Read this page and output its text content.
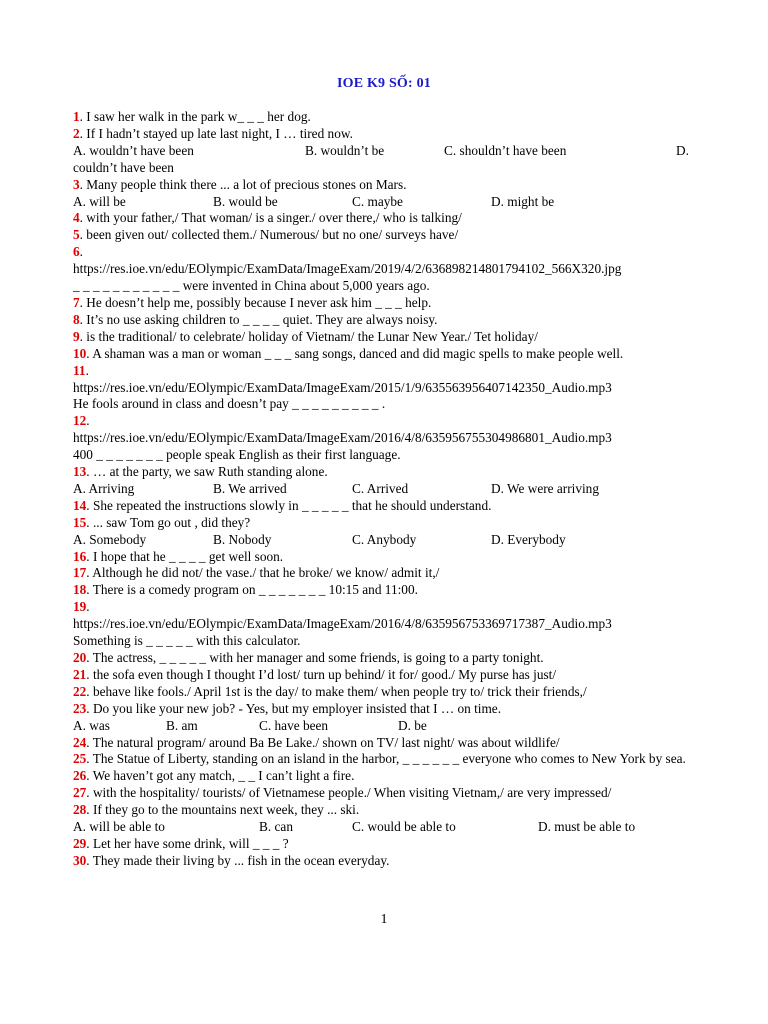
IOE K9 SỐ: 01
1. I saw her walk in the park w_ _ _ her dog.
2. If I hadn’t stayed up late last night, I … tired now.
A. wouldn’t have been	B. wouldn’t be	C. shouldn’t have been	D.
couldn’t have been
3. Many people think there ... a lot of precious stones on Mars.
A. will be	B. would be	C. maybe	D. might be
4. with your father,/ That woman/ is a singer./ over there,/ who is talking/
5. been given out/ collected them./ Numerous/ but no one/ surveys have/
6.
https://res.ioe.vn/edu/EOlympic/ExamData/ImageExam/2019/4/2/636898214801794102_566X320.jpg
_ _ _ _ _ _ _ _ _ _ _ were invented in China about 5,000 years ago.
7. He doesn’t help me, possibly because I never ask him _ _ _ help.
8. It’s no use asking children to _ _ _ _ quiet. They are always noisy.
9. is the traditional/ to celebrate/ holiday of Vietnam/ the Lunar New Year./ Tet holiday/
10. A shaman was a man or woman _ _ _ sang songs, danced and did magic spells to make people well.
11.
https://res.ioe.vn/edu/EOlympic/ExamData/ImageExam/2015/1/9/635563956407142350_Audio.mp3
He fools around in class and doesn’t pay _ _ _ _ _ _ _ _ _ .
12.
https://res.ioe.vn/edu/EOlympic/ExamData/ImageExam/2016/4/8/635956755304986801_Audio.mp3
400 _ _ _ _ _ _ _ people speak English as their first language.
13. … at the party, we saw Ruth standing alone.
A. Arriving	B. We arrived	C. Arrived	D. We were arriving
14. She repeated the instructions slowly in _ _ _ _ _ that he should understand.
15. ... saw Tom go out , did they?
A. Somebody	B. Nobody	C. Anybody	D. Everybody
16. I hope that he _ _ _ _ get well soon.
17. Although he did not/ the vase./ that he broke/ we know/ admit it,/
18. There is a comedy program on _ _ _ _ _ _ _ 10:15 and 11:00.
19.
https://res.ioe.vn/edu/EOlympic/ExamData/ImageExam/2016/4/8/635956753369717387_Audio.mp3
Something is _ _ _ _ _ with this calculator.
20. The actress, _ _ _ _ _ with her manager and some friends, is going to a party tonight.
21. the sofa even though I thought I’d lost/ turn up behind/ it for/ good./ My purse has just/
22. behave like fools./ April 1st is the day/ to make them/ when people try to/ trick their friends,/
23. Do you like your new job? - Yes, but my employer insisted that I … on time.
A. was	B. am	C. have been	D. be
24. The natural program/ around Ba Be Lake./ shown on TV/ last night/ was about wildlife/
25. The Statue of Liberty, standing on an island in the harbor, _ _ _ _ _ _ everyone who comes to New York by sea.
26. We haven’t got any match, _ _ I can’t light a fire.
27. with the hospitality/ tourists/ of Vietnamese people./ When visiting Vietnam,/ are very impressed/
28. If they go to the mountains next week, they ... ski.
A. will be able to	B. can	C. would be able to	D. must be able to
29. Let her have some drink, will _ _ _ ?
30. They made their living by ... fish in the ocean everyday.
1
